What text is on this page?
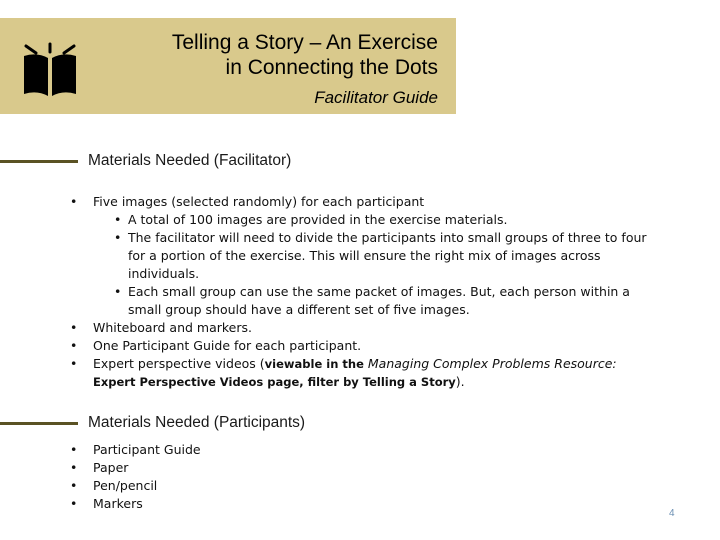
Telling a Story – An Exercise
in Connecting the Dots
Facilitator Guide
Materials Needed (Facilitator)
• Five images (selected randomly) for each participant
• A total of 100 images are provided in the exercise materials.
• The facilitator will need to divide the participants into small groups of three to four for a portion of the exercise. This will ensure the right mix of images across individuals.
• Each small group can use the same packet of images. But, each person within a small group should have a different set of five images.
• Whiteboard and markers.
• One Participant Guide for each participant.
• Expert perspective videos (viewable in the Managing Complex Problems Resource: Expert Perspective Videos page, filter by Telling a Story).
Materials Needed (Participants)
• Participant Guide
• Paper
• Pen/pencil
• Markers
4
